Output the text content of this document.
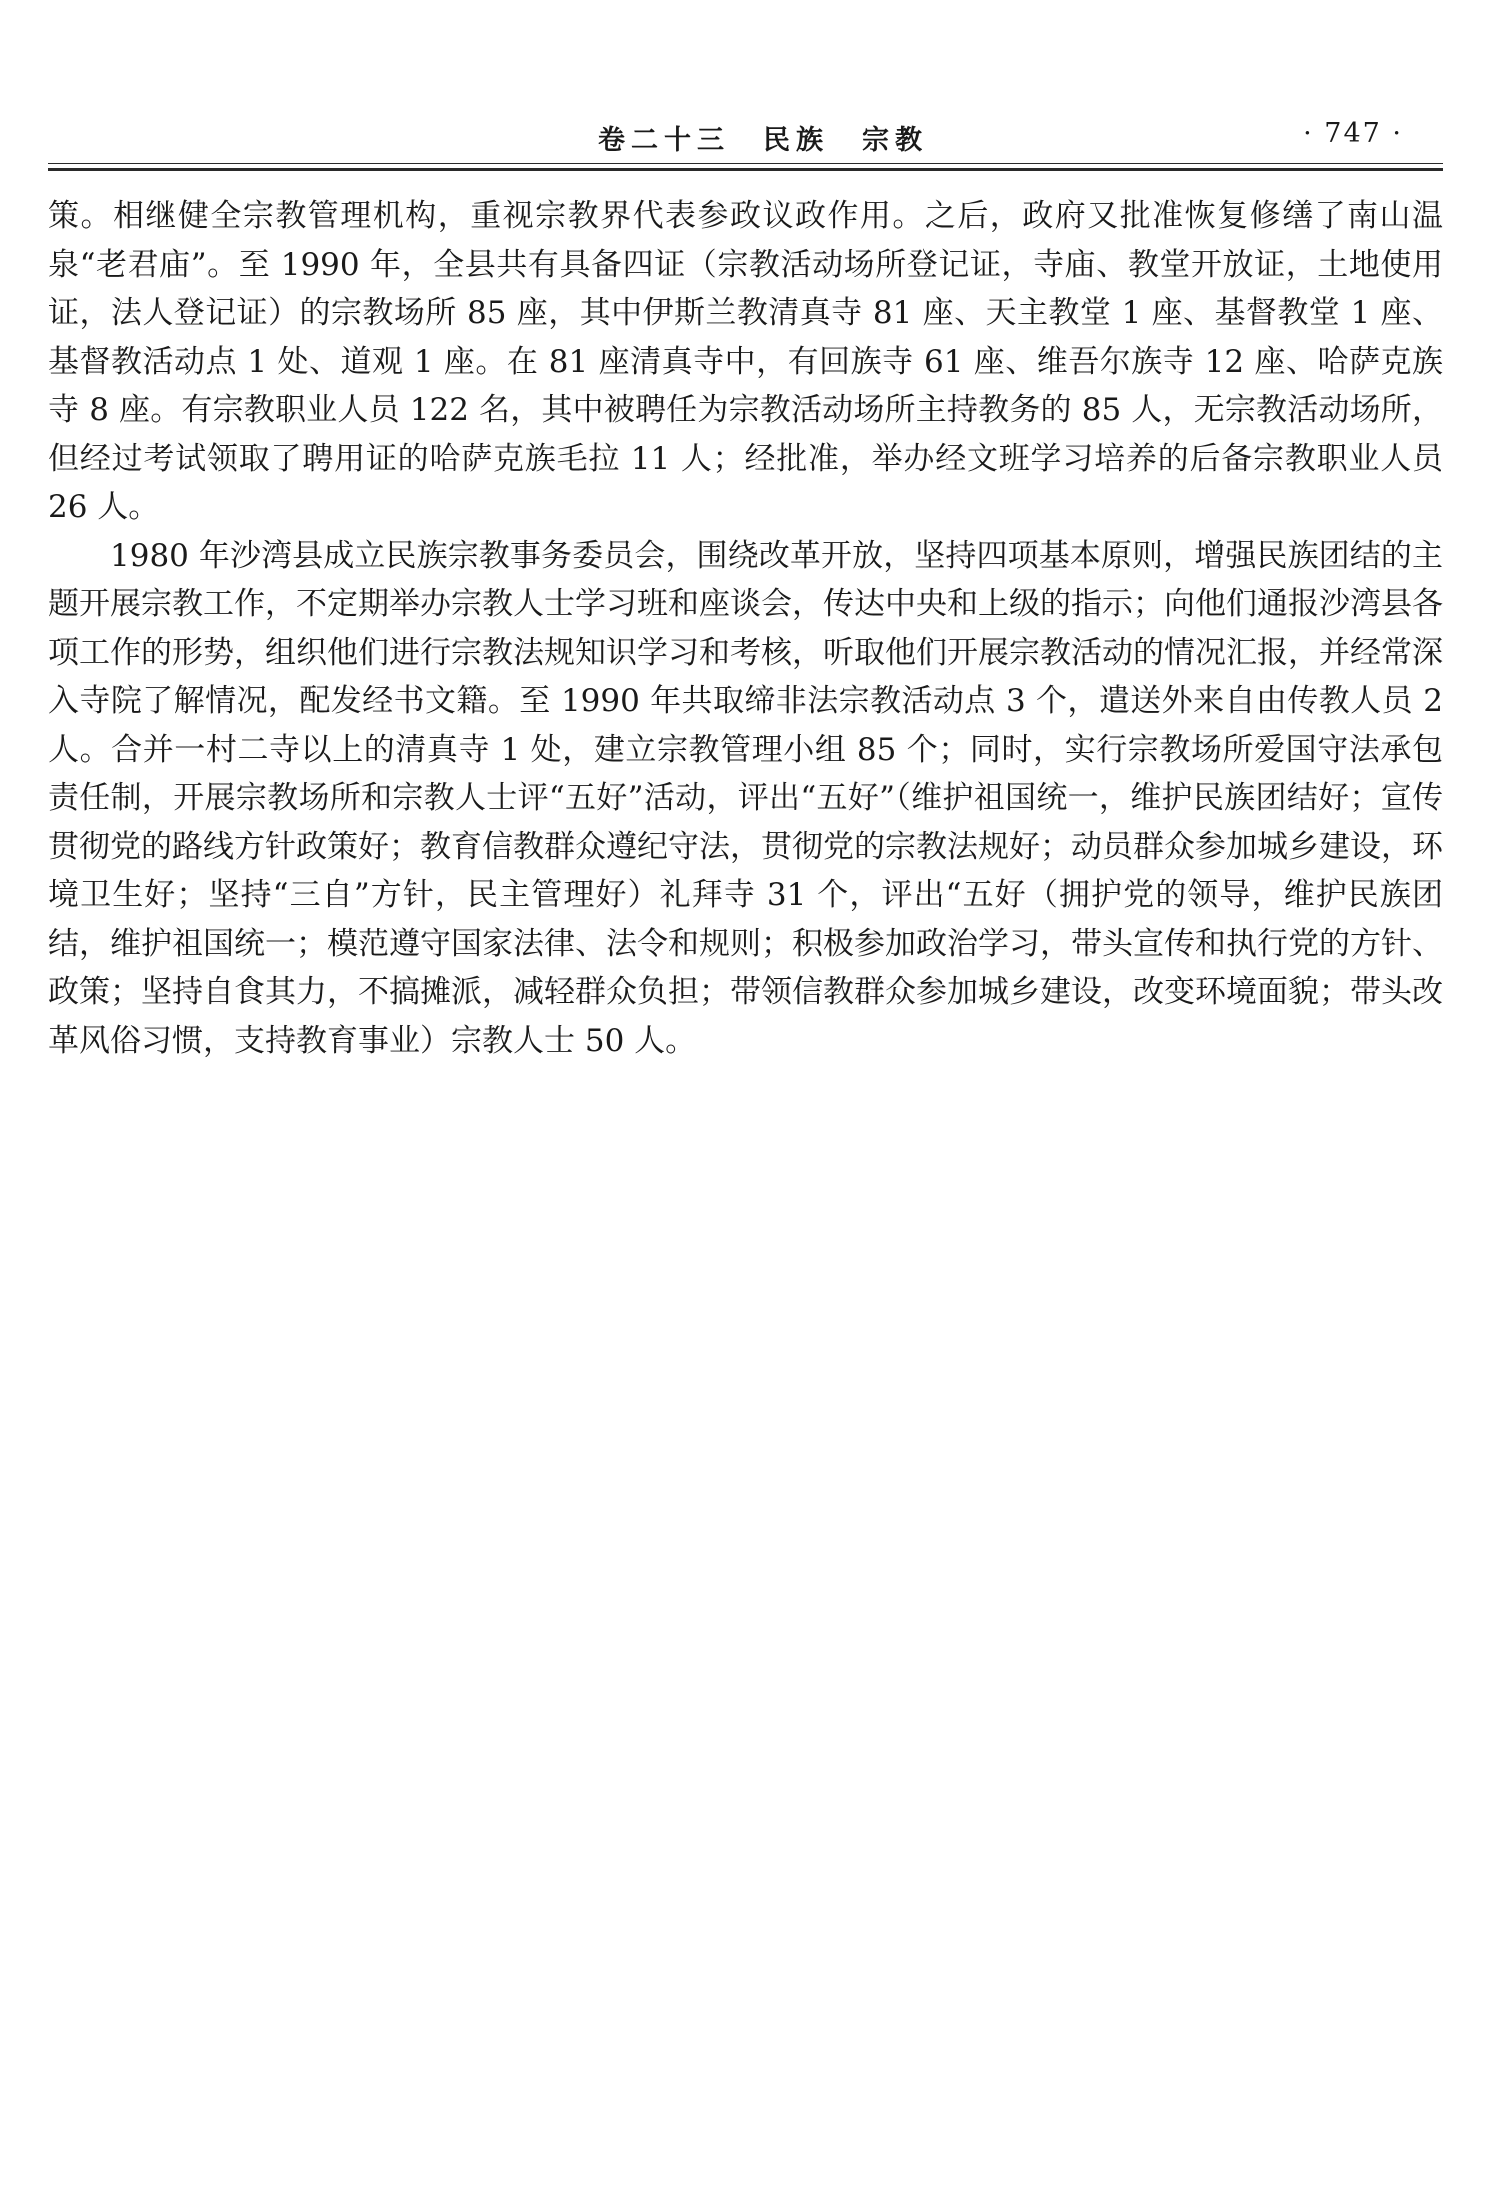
卷二十三　民族　宗教	· 747 ·

策。相继健全宗教管理机构，重视宗教界代表参政议政作用。之后，政府又批准恢复修缮了南山温泉“老君庙”。至 1990 年，全县共有具备四证（宗教活动场所登记证，寺庙、教堂开放证，土地使用证，法人登记证）的宗教场所 85 座，其中伊斯兰教清真寺 81 座、天主教堂 1 座、基督教堂 1 座、基督教活动点 1 处、道观 1 座。在 81 座清真寺中，有回族寺 61 座、维吾尔族寺 12 座、哈萨克族寺 8 座。有宗教职业人员 122 名，其中被聘任为宗教活动场所主持教务的 85 人，无宗教活动场所，但经过考试领取了聘用证的哈萨克族毛拉 11 人；经批准，举办经文班学习培养的后备宗教职业人员 26 人。

1980 年沙湾县成立民族宗教事务委员会，围绕改革开放，坚持四项基本原则，增强民族团结的主题开展宗教工作，不定期举办宗教人士学习班和座谈会，传达中央和上级的指示；向他们通报沙湾县各项工作的形势，组织他们进行宗教法规知识学习和考核，听取他们开展宗教活动的情况汇报，并经常深入寺院了解情况，配发经书文籍。至 1990 年共取缔非法宗教活动点 3 个，遣送外来自由传教人员 2 人。合并一村二寺以上的清真寺 1 处，建立宗教管理小组 85 个；同时，实行宗教场所爱国守法承包责任制，开展宗教场所和宗教人士评“五好”活动，评出“五好”（维护祖国统一，维护民族团结好；宣传贯彻党的路线方针政策好；教育信教群众遵纪守法，贯彻党的宗教法规好；动员群众参加城乡建设，环境卫生好；坚持“三自”方针，民主管理好）礼拜寺 31 个，评出“五好（拥护党的领导，维护民族团结，维护祖国统一；模范遵守国家法律、法令和规则；积极参加政治学习，带头宣传和执行党的方针、政策；坚持自食其力，不搞摊派，减轻群众负担；带领信教群众参加城乡建设，改变环境面貌；带头改革风俗习惯，支持教育事业）宗教人士 50 人。
